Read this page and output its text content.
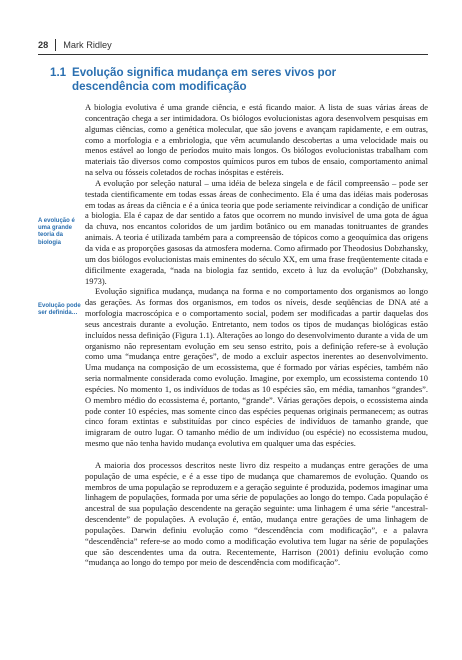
28 Mark Ridley
1.1 Evolução significa mudança em seres vivos por
descendência com modificação
A evolução é uma grande teoria da biologia
Evolução pode ser definida…

A biologia evolutiva é uma grande ciência, e está ficando maior. A lista de suas várias áreas de concentração chega a ser intimidadora. Os biólogos evolucionistas agora desenvolvem pesquisas em algumas ciências, como a genética molecular, que são jovens e avançam rapidamente, e em outras, como a morfologia e a embriologia, que vêm acumulando descobertas a uma velocidade mais ou menos estável ao longo de períodos muito mais longos. Os biólogos evolucionistas trabalham com materiais tão diversos como compostos químicos puros em tubos de ensaio, comportamento animal na selva ou fósseis coletados de rochas inóspitas e estéreis.

A evolução por seleção natural – uma idéia de beleza singela e de fácil compreensão – pode ser testada cientificamente em todas essas áreas de conhecimento. Ela é uma das idéias mais poderosas em todas as áreas da ciência e é a única teoria que pode seriamente reivindicar a condição de unificar a biologia. Ela é capaz de dar sentido a fatos que ocorrem no mundo invisível de uma gota de água da chuva, nos encantos coloridos de um jardim botânico ou em manadas tonitruantes de grandes animais. A teoria é utilizada também para a compreensão de tópicos como a geoquímica das origens da vida e as proporções gasosas da atmosfera moderna. Como afirmado por Theodosius Dobzhansky, um dos biólogos evolucionistas mais eminentes do século XX, em uma frase freqüentemente citada e dificilmente exagerada, “nada na biologia faz sentido, exceto à luz da evolução” (Dobzhansky, 1973).

Evolução significa mudança, mudança na forma e no comportamento dos organismos ao longo das gerações. As formas dos organismos, em todos os níveis, desde seqüências de DNA até a morfologia macroscópica e o comportamento social, podem ser modificadas a partir daquelas dos seus ancestrais durante a evolução. Entretanto, nem todos os tipos de mudanças biológicas estão incluídos nessa definição (Figura 1.1). Alterações ao longo do desenvolvimento durante a vida de um organismo não representam evolução em seu senso estrito, pois a definição refere-se à evolução como uma “mudança entre gerações”, de modo a excluir aspectos inerentes ao desenvolvimento. Uma mudança na composição de um ecossistema, que é formado por várias espécies, também não seria normalmente considerada como evolução. Imagine, por exemplo, um ecossistema contendo 10 espécies. No momento 1, os indivíduos de todas as 10 espécies são, em média, tamanhos “grandes”. O membro médio do ecossistema é, portanto, “grande”. Várias gerações depois, o ecossistema ainda pode conter 10 espécies, mas somente cinco das espécies pequenas originais permanecem; as outras cinco foram extintas e substituídas por cinco espécies de indivíduos de tamanho grande, que imigraram de outro lugar. O tamanho médio de um indivíduo (ou espécie) no ecossistema mudou, mesmo que não tenha havido mudança evolutiva em qualquer uma das espécies.

A maioria dos processos descritos neste livro diz respeito a mudanças entre gerações de uma população de uma espécie, e é a esse tipo de mudança que chamaremos de evolução. Quando os membros de uma população se reproduzem e a geração seguinte é produzida, podemos imaginar uma linhagem de populações, formada por uma série de populações ao longo do tempo. Cada população é ancestral de sua população descendente na geração seguinte: uma linhagem é uma série “ancestral-descendente” de populações. A evolução é, então, mudança entre gerações de uma linhagem de populações. Darwin definiu evolução como “descendência com modificação”, e a palavra “descendência” refere-se ao modo como a modificação evolutiva tem lugar na série de populações que são descendentes uma da outra. Recentemente, Harrison (2001) definiu evolução como “mudança ao longo do tempo por meio de descendência com modificação”.
